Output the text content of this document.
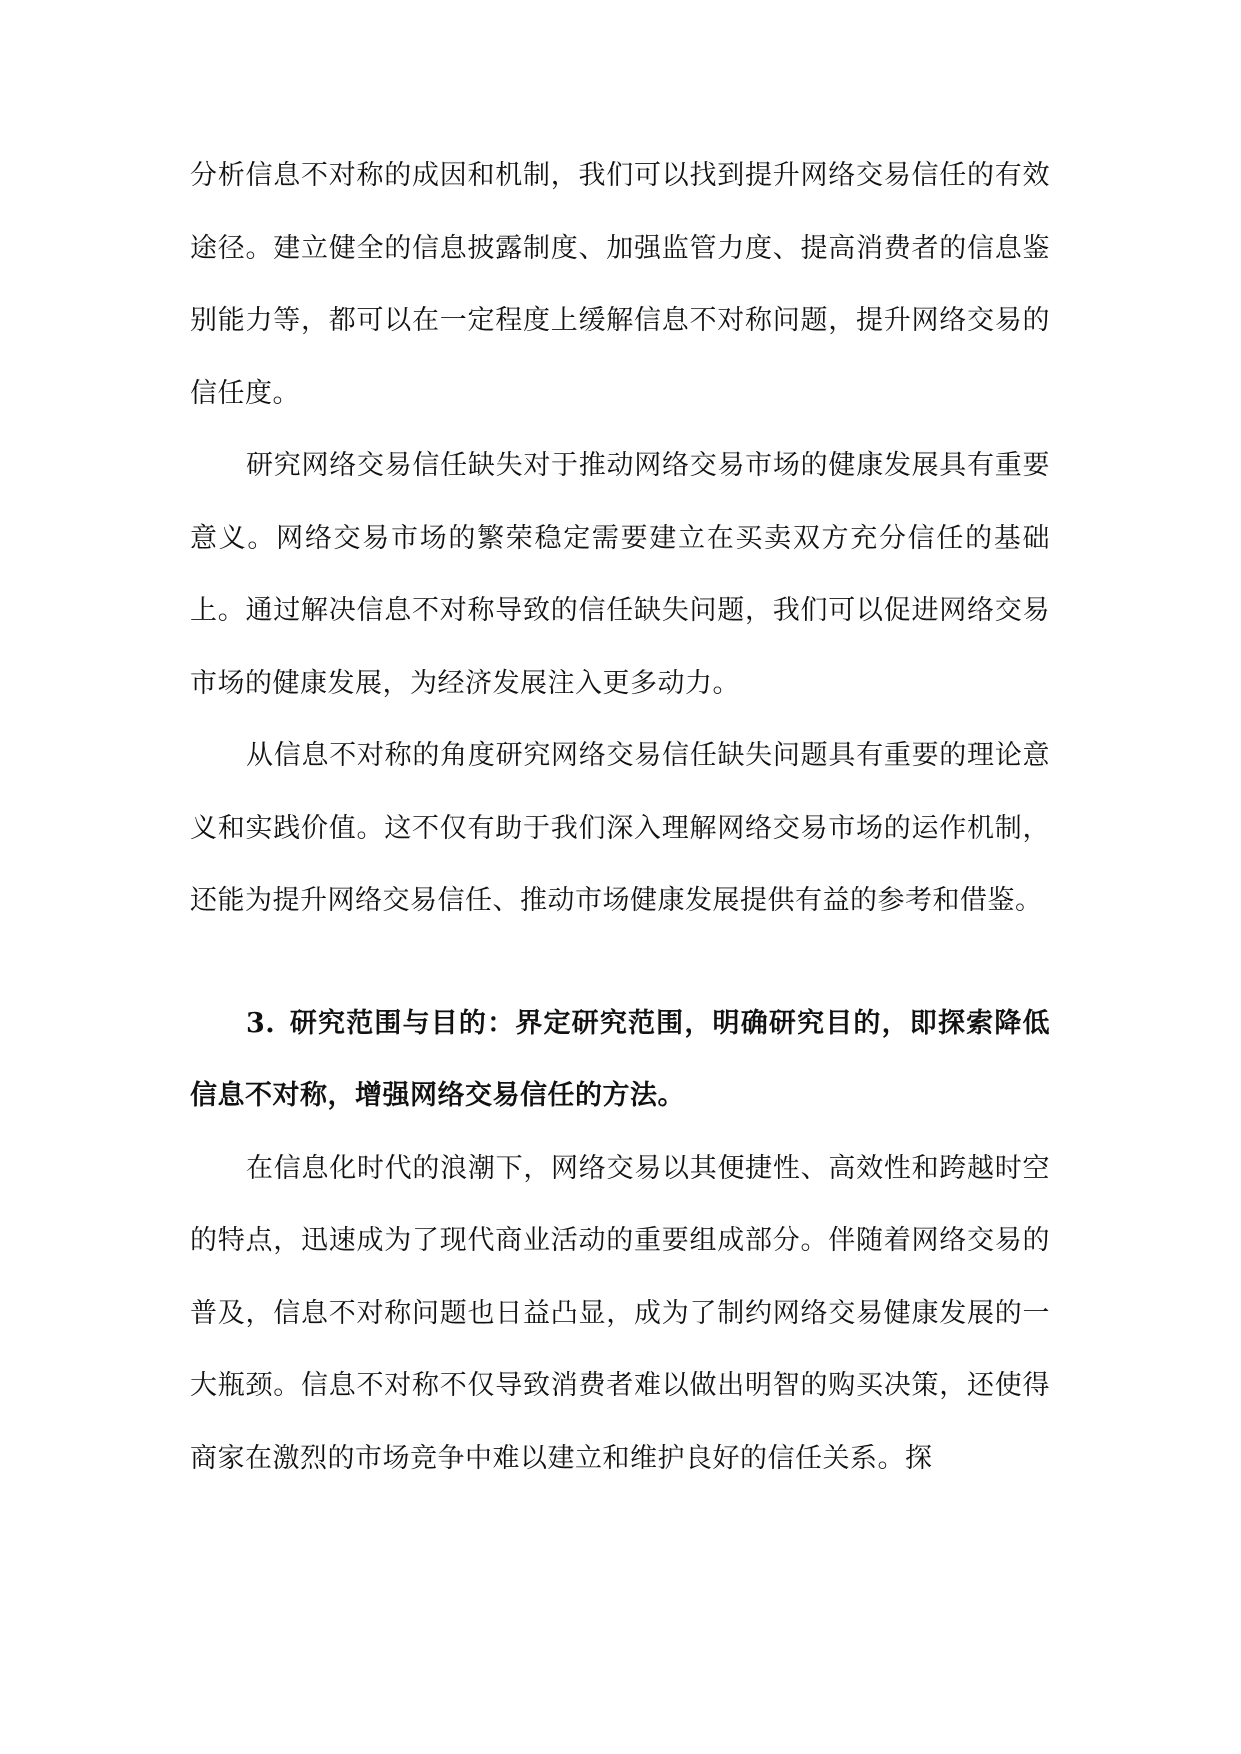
分析信息不对称的成因和机制，我们可以找到提升网络交易信任的有效途径。建立健全的信息披露制度、加强监管力度、提高消费者的信息鉴别能力等，都可以在一定程度上缓解信息不对称问题，提升网络交易的信任度。

研究网络交易信任缺失对于推动网络交易市场的健康发展具有重要意义。网络交易市场的繁荣稳定需要建立在买卖双方充分信任的基础上。通过解决信息不对称导致的信任缺失问题，我们可以促进网络交易市场的健康发展，为经济发展注入更多动力。

从信息不对称的角度研究网络交易信任缺失问题具有重要的理论意义和实践价值。这不仅有助于我们深入理解网络交易市场的运作机制，还能为提升网络交易信任、推动市场健康发展提供有益的参考和借鉴。

3. 研究范围与目的：界定研究范围，明确研究目的，即探索降低信息不对称，增强网络交易信任的方法。

在信息化时代的浪潮下，网络交易以其便捷性、高效性和跨越时空的特点，迅速成为了现代商业活动的重要组成部分。伴随着网络交易的普及，信息不对称问题也日益凸显，成为了制约网络交易健康发展的一大瓶颈。信息不对称不仅导致消费者难以做出明智的购买决策，还使得商家在激烈的市场竞争中难以建立和维护良好的信任关系。探
